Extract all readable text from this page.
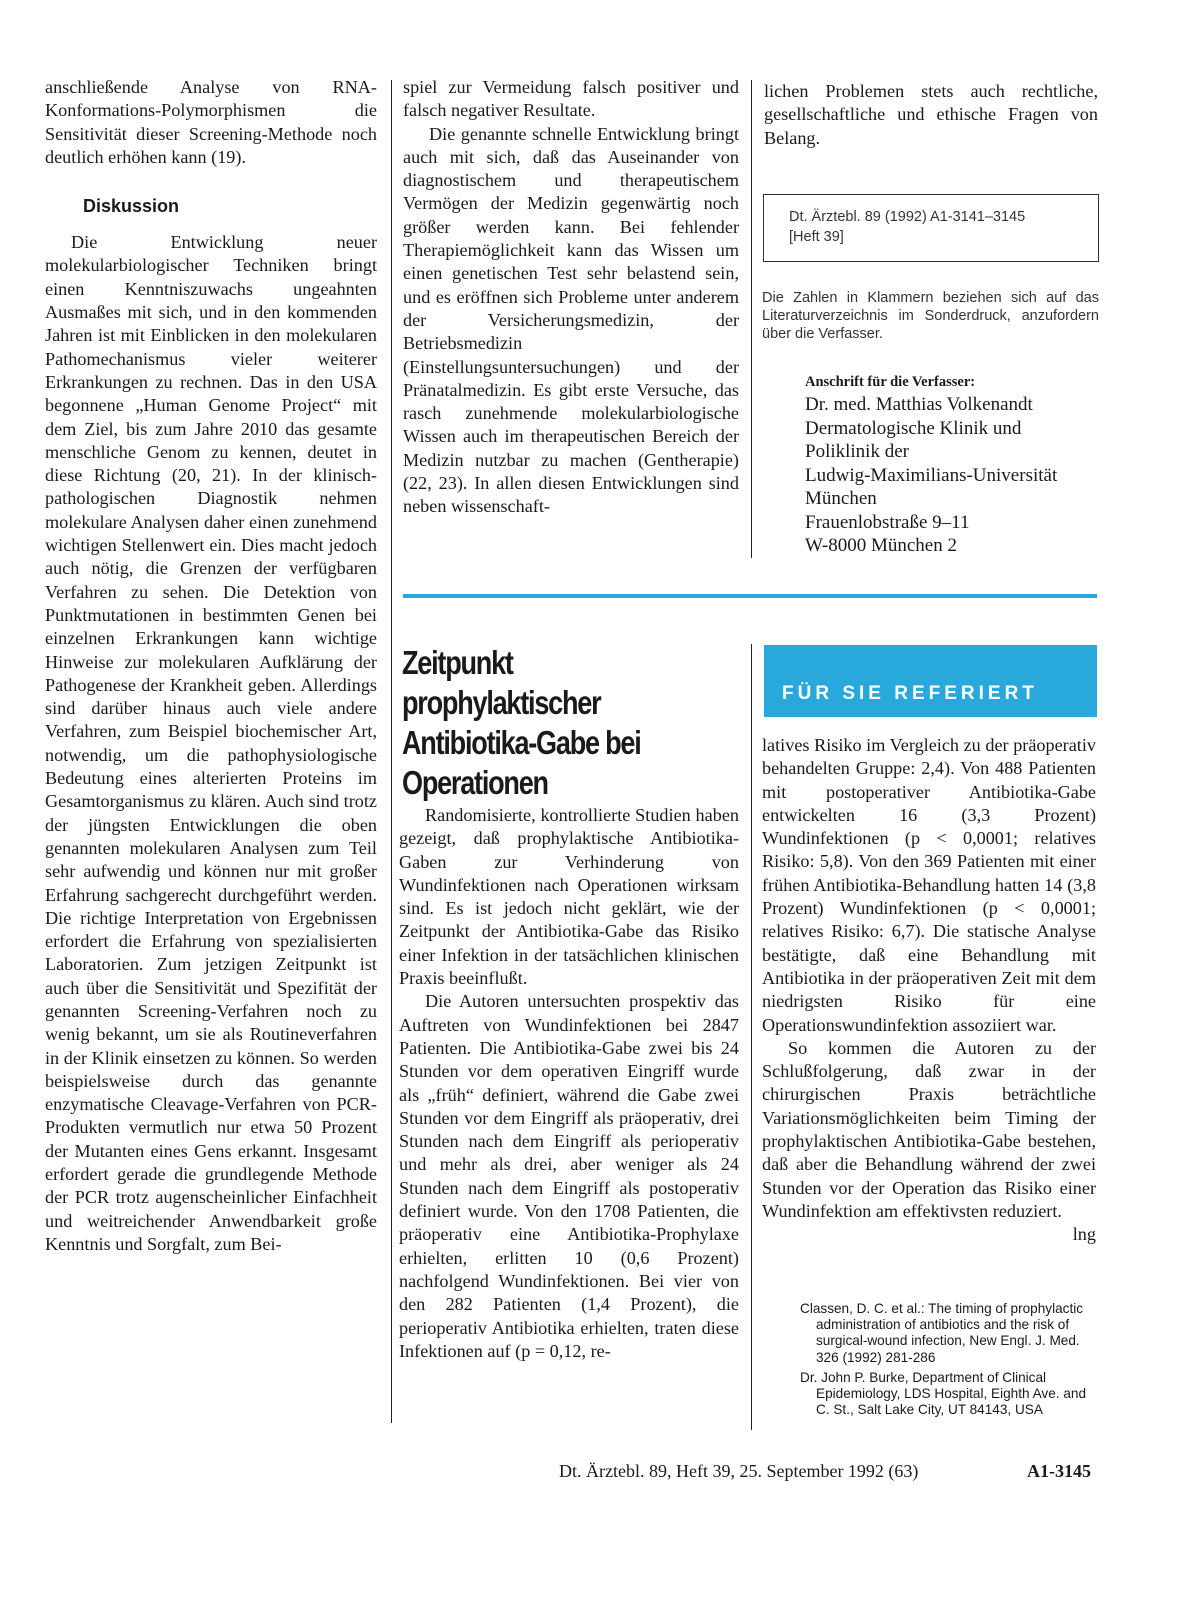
anschließende Analyse von RNA-Konformations-Polymorphismen die Sensitivität dieser Screening-Methode noch deutlich erhöhen kann (19).

Diskussion

Die Entwicklung neuer molekularbiologischer Techniken bringt einen Kenntniszuwachs ungeahnten Ausmaßes mit sich, und in den kommenden Jahren ist mit Einblicken in den molekularen Pathomechanismus vieler weiterer Erkrankungen zu rechnen. Das in den USA begonnene „Human Genome Project“ mit dem Ziel, bis zum Jahre 2010 das gesamte menschliche Genom zu kennen, deutet in diese Richtung (20, 21). In der klinisch-pathologischen Diagnostik nehmen molekulare Analysen daher einen zunehmend wichtigen Stellenwert ein. Dies macht jedoch auch nötig, die Grenzen der verfügbaren Verfahren zu sehen. Die Detektion von Punktmutationen in bestimmten Genen bei einzelnen Erkrankungen kann wichtige Hinweise zur molekularen Aufklärung der Pathogenese der Krankheit geben. Allerdings sind darüber hinaus auch viele andere Verfahren, zum Beispiel biochemischer Art, notwendig, um die pathophysiologische Bedeutung eines alterierten Proteins im Gesamtorganismus zu klären. Auch sind trotz der jüngsten Entwicklungen die oben genannten molekularen Analysen zum Teil sehr aufwendig und können nur mit großer Erfahrung sachgerecht durchgeführt werden. Die richtige Interpretation von Ergebnissen erfordert die Erfahrung von spezialisierten Laboratorien. Zum jetzigen Zeitpunkt ist auch über die Sensitivität und Spezifität der genannten Screening-Verfahren noch zu wenig bekannt, um sie als Routineverfahren in der Klinik einsetzen zu können. So werden beispielsweise durch das genannte enzymatische Cleavage-Verfahren von PCR-Produkten vermutlich nur etwa 50 Prozent der Mutanten eines Gens erkannt. Insgesamt erfordert gerade die grundlegende Methode der PCR trotz augenscheinlicher Einfachheit und weitreichender Anwendbarkeit große Kenntnis und Sorgfalt, zum Bei-

spiel zur Vermeidung falsch positiver und falsch negativer Resultate.

Die genannte schnelle Entwicklung bringt auch mit sich, daß das Auseinander von diagnostischem und therapeutischem Vermögen der Medizin gegenwärtig noch größer werden kann. Bei fehlender Therapiemöglichkeit kann das Wissen um einen genetischen Test sehr belastend sein, und es eröffnen sich Probleme unter anderem der Versicherungsmedizin, der Betriebsmedizin (Einstellungsuntersuchungen) und der Pränatalmedizin. Es gibt erste Versuche, das rasch zunehmende molekularbiologische Wissen auch im therapeutischen Bereich der Medizin nutzbar zu machen (Gentherapie) (22, 23). In allen diesen Entwicklungen sind neben wissenschaft-

lichen Problemen stets auch rechtliche, gesellschaftliche und ethische Fragen von Belang.

Dt. Ärztebl. 89 (1992) A1-3141–3145

[Heft 39]

Die Zahlen in Klammern beziehen sich auf das Literaturverzeichnis im Sonderdruck, anzufordern über die Verfasser.

Anschrift für die Verfasser:

Dr. med. Matthias Volkenandt

Dermatologische Klinik und

Poliklinik der

Ludwig-Maximilians-Universität

München

Frauenlobstraße 9–11

W-8000 München 2

Zeitpunkt

prophylaktischer

Antibiotika-Gabe bei

Operationen

Randomisierte, kontrollierte Studien haben gezeigt, daß prophylaktische Antibiotika-Gaben zur Verhinderung von Wundinfektionen nach Operationen wirksam sind. Es ist jedoch nicht geklärt, wie der Zeitpunkt der Antibiotika-Gabe das Risiko einer Infektion in der tatsächlichen klinischen Praxis beeinflußt.

Die Autoren untersuchten prospektiv das Auftreten von Wundinfektionen bei 2847 Patienten. Die Antibiotika-Gabe zwei bis 24 Stunden vor dem operativen Eingriff wurde als „früh“ definiert, während die Gabe zwei Stunden vor dem Eingriff als präoperativ, drei Stunden nach dem Eingriff als perioperativ und mehr als drei, aber weniger als 24 Stunden nach dem Eingriff als postoperativ definiert wurde. Von den 1708 Patienten, die präoperativ eine Antibiotika-Prophylaxe erhielten, erlitten 10 (0,6 Prozent) nachfolgend Wundinfektionen. Bei vier von den 282 Patienten (1,4 Prozent), die perioperativ Antibiotika erhielten, traten diese Infektionen auf (p = 0,12, re-

FÜR SIE REFERIERT

latives Risiko im Vergleich zu der präoperativ behandelten Gruppe: 2,4). Von 488 Patienten mit postoperativer Antibiotika-Gabe entwickelten 16 (3,3 Prozent) Wundinfektionen (p < 0,0001; relatives Risiko: 5,8). Von den 369 Patienten mit einer frühen Antibiotika-Behandlung hatten 14 (3,8 Prozent) Wundinfektionen (p < 0,0001; relatives Risiko: 6,7). Die statische Analyse bestätigte, daß eine Behandlung mit Antibiotika in der präoperativen Zeit mit dem niedrigsten Risiko für eine Operationswundinfektion assoziiert war.

So kommen die Autoren zu der Schlußfolgerung, daß zwar in der chirurgischen Praxis beträchtliche Variationsmöglichkeiten beim Timing der prophylaktischen Antibiotika-Gabe bestehen, daß aber die Behandlung während der zwei Stunden vor der Operation das Risiko einer Wundinfektion am effektivsten reduziert.
lng

Classen, D. C. et al.: The timing of prophylactic administration of antibiotics and the risk of surgical-wound infection, New Engl. J. Med. 326 (1992) 281-286

Dr. John P. Burke, Department of Clinical Epidemiology, LDS Hospital, Eighth Ave. and C. St., Salt Lake City, UT 84143, USA

Dt. Ärztebl. 89, Heft 39, 25. September 1992 (63)	A1-3145
